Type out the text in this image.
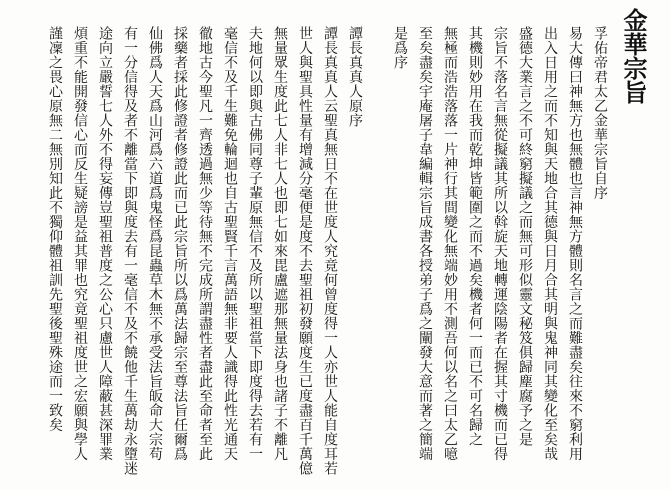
金華宗旨

孚佑帝君太乙金華宗旨自序

易大傳曰神無方也無體也言神無方體則名言之而難盡矣往來不窮利用

出入日用之而不知與天地合其德與日月合其明與鬼神同其變化至矣哉

盛德大業言之不可終窮擬議之而無可形似靈文秘笈俱歸塵腐予之是

宗旨不落名言無從擬議其所以斡旋天地轉運陰陽者在握其寸機而已得

其機則妙用在我而乾坤皆範圍之而不過矣機者何一而已不可名歸之

無極而浩浩落落一片神行其間變化無端妙用不測吾何以名之曰太乙噫

至矣盡矣宇庵屠子韋編輯宗旨成書各授弟子爲之闡發大意而著之簡端

是爲序

譚長真真人原序

譚長真真人云聖真無日不在世度人究竟何曾度得一人亦世人能自度耳若

世人與聖具性量有增減分毫便是度不去聖祖初發願度生已度盡百千萬億

無量眾生度此七人非七人也即七如來毘盧遮那無量法身也諸子不離凡

夫地何以即與古佛同尊子輩原無信不及所以聖祖當下即度得去若有一

毫信不及千生難免輪迴也自古聖賢千言萬語無非要人識得此性光通天

徹地古今聖凡一齊透過無少等待無不完成所謂盡性者盡此至命者至此

採藥者採此修證者修證此而已此宗旨所以爲萬法歸宗至尊法旨任爾爲

仙佛爲人天爲山河爲六道爲鬼怪爲昆蟲草木無不承受法旨皈命大宗苟

有一分信得及者不離當下即與度去有一毫信不及不饒他千生萬劫永墮迷

途向立嚴誓七人外不得妄傳豈聖祖普度之公心只慮世人障蔽甚深罪業

煩重不能開發信心而反生疑謗是益其罪也究竟聖祖度世之宏願與學人

謹凜之畏心原無二無別知此不獨仰體祖訓先聖後聖殊途而一致矣
